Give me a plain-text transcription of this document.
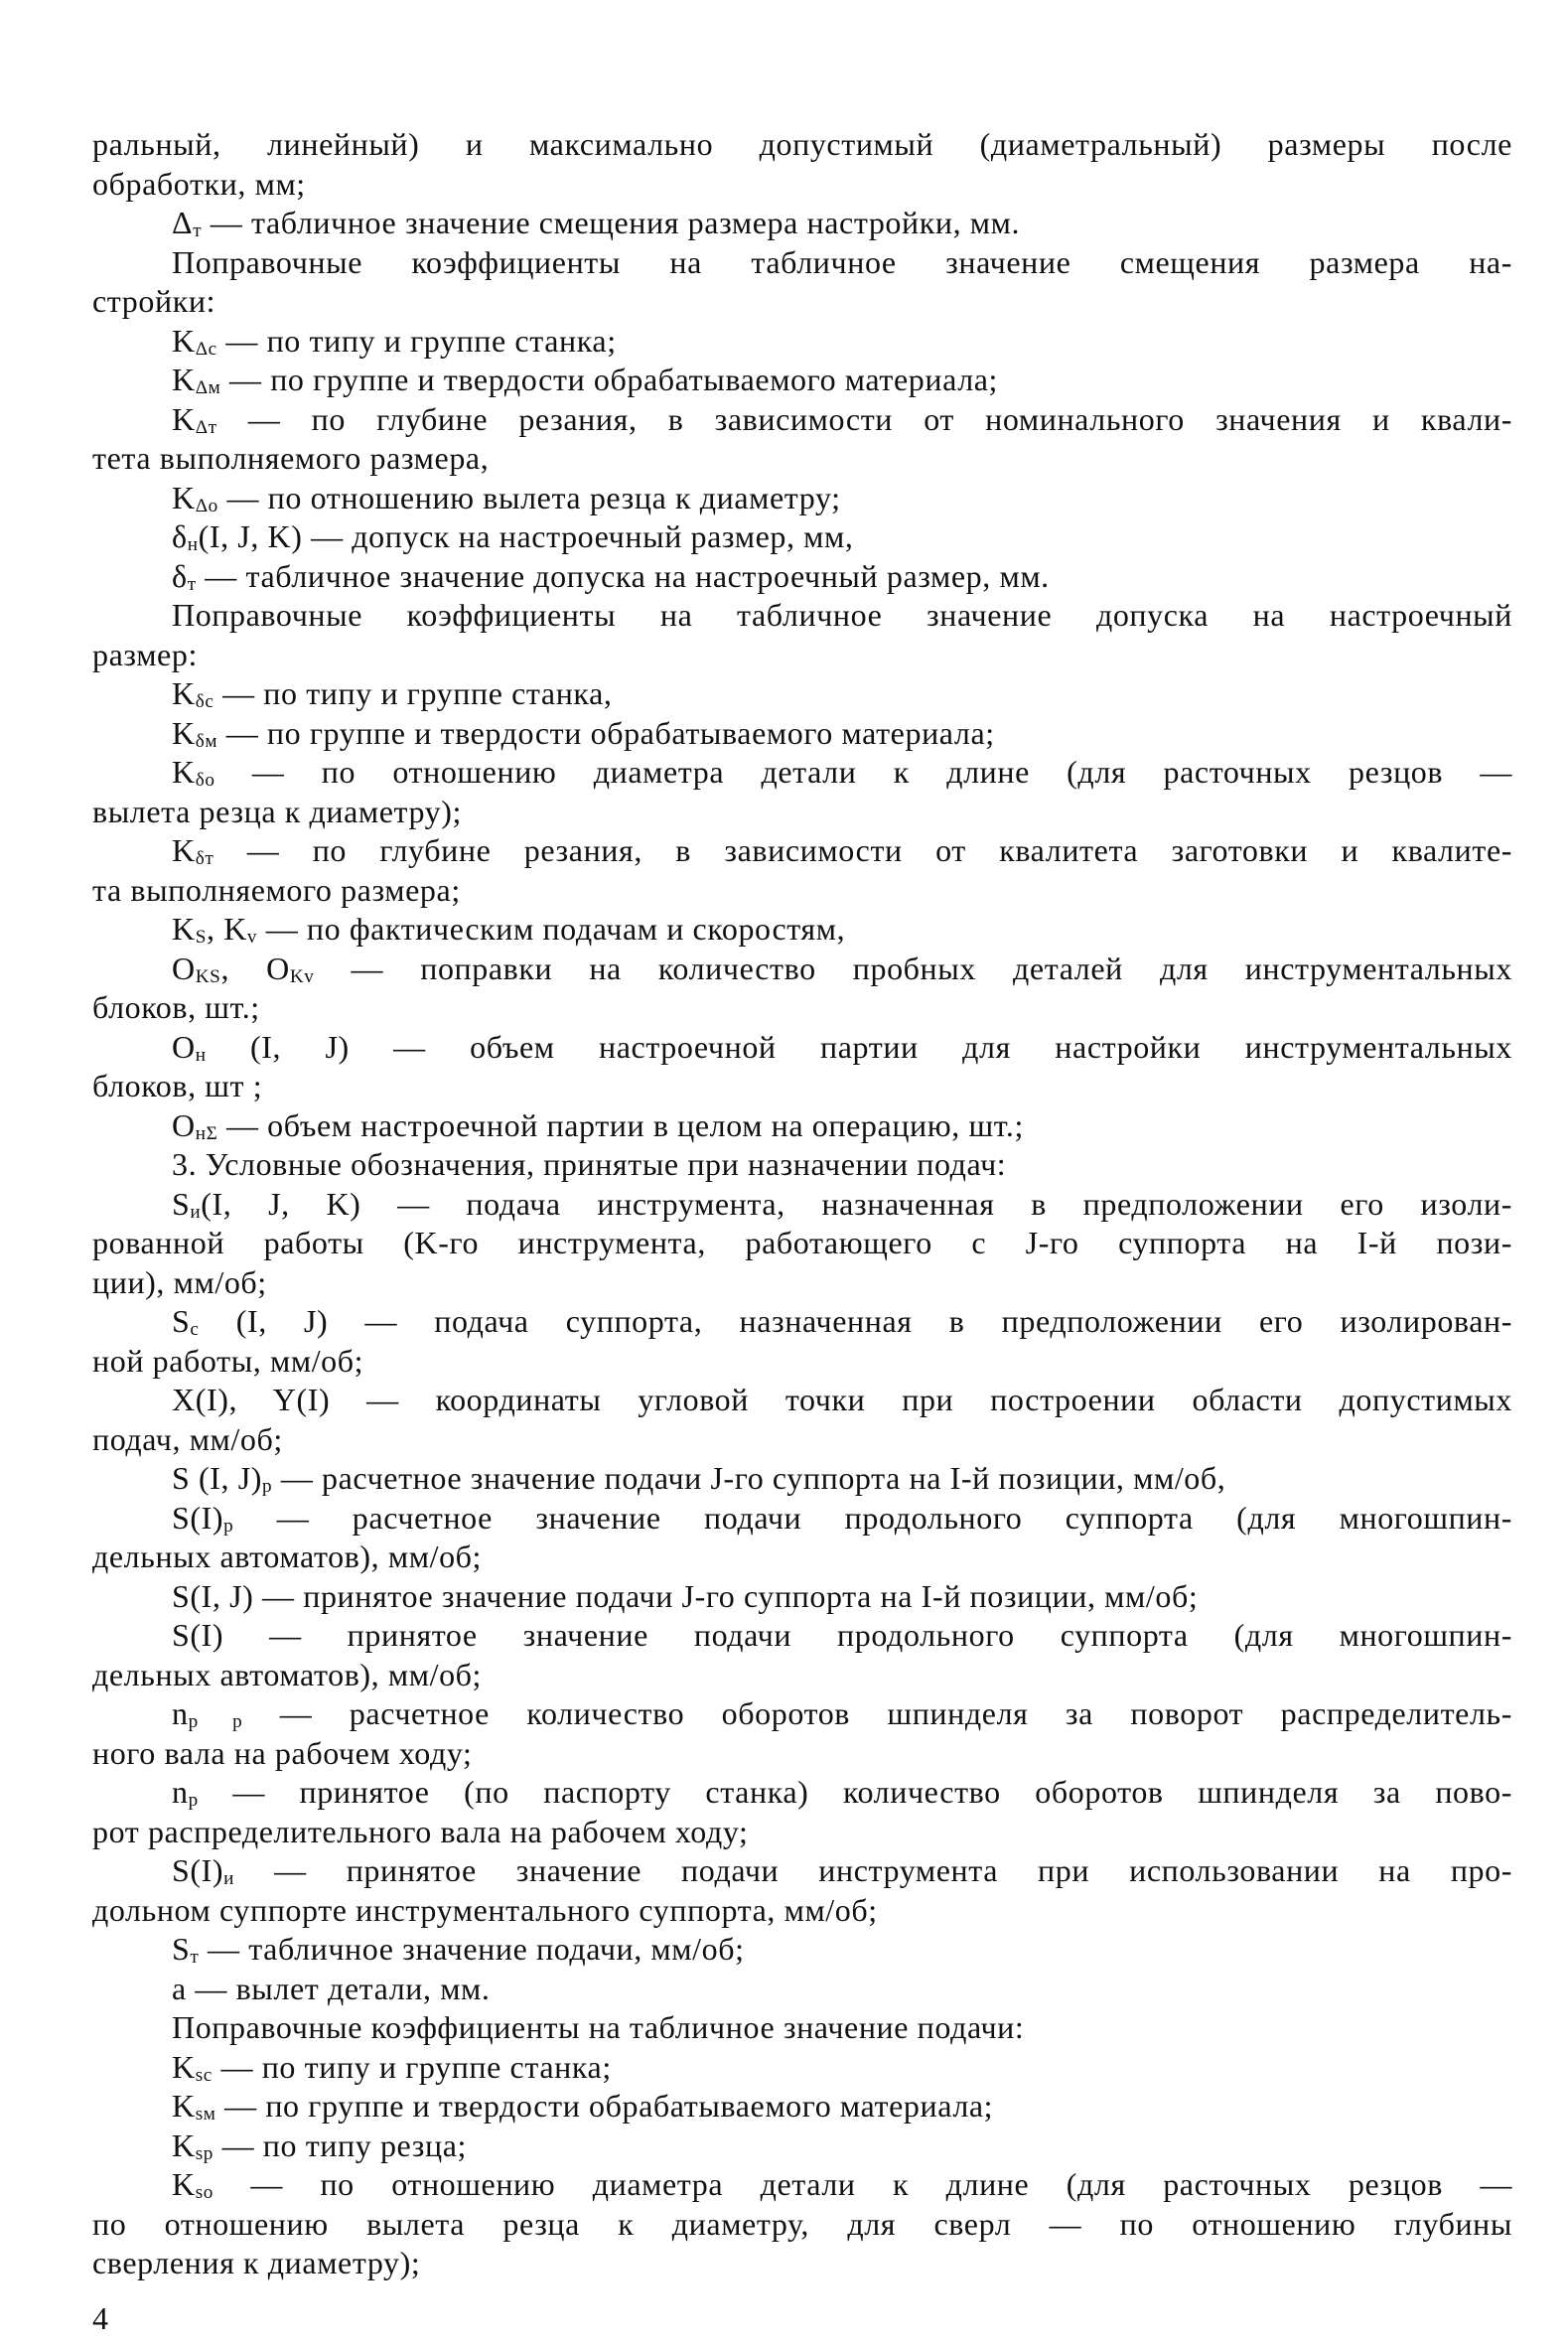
ральный, линейный) и максимально допустимый (диаметральный) размеры после
обработки, мм;
$\Delta_т$ — табличное значение смещения размера настройки, мм.
Поправочные коэффициенты на табличное значение смещения размера на-
стройки:
$K_{\Delta с}$ — по типу и группе станка;
$K_{\Delta м}$ — по группе и твердости обрабатываемого материала;
$K_{\Delta т}$ — по глубине резания, в зависимости от номинального значения и квали-
тета выполняемого размера,
$K_{\Delta о}$ — по отношению вылета резца к диаметру;
$\delta_н(I$, J, K) — допуск на настроечный размер, мм,
$\delta_т$ — табличное значение допуска на настроечный размер, мм.
Поправочные коэффициенты на табличное значение допуска на настроечный
размер:
$K_{\delta с}$ — по типу и группе станка,
$K_{\delta м}$ — по группе и твердости обрабатываемого материала;
$K_{\delta о}$ — по отношению диаметра детали к длине (для расточных резцов —
вылета резца к диаметру);
$K_{\delta т}$ — по глубине резания, в зависимости от квалитета заготовки и квалите-
та выполняемого размера;
$K_S$, $K_v$ — по фактическим подачам и скоростям,
$O_{KS}$, $O_{Kv}$ — поправки на количество пробных деталей для инструментальных
блоков, шт.;
$O_н$ (I, J) — объем настроечной партии для настройки инструментальных
блоков, шт ;
$O_{н\Sigma}$ — объем настроечной партии в целом на операцию, шт.;
3. Условные обозначения, принятые при назначении подач:
$S_и(I$, J, K) — подача инструмента, назначенная в предположении его изоли-
рованной работы (K-го инструмента, работающего с J-го суппорта на I-й пози-
ции), мм/об;
$S_с$ (I, J) — подача суппорта, назначенная в предположении его изолирован-
ной работы, мм/об;
X(I), Y(I) — координаты угловой точки при построении области допустимых
подач, мм/об;
S (I, $J)_р$ — расчетное значение подачи J-го суппорта на I-й позиции, мм/об,
$S(I)_р$ — расчетное значение подачи продольного суппорта (для многошпин-
дельных автоматов), мм/об;
S(I, J) — принятое значение подачи J-го суппорта на I-й позиции, мм/об;
S(I) — принятое значение подачи продольного суппорта (для многошпин-
дельных автоматов), мм/об;
$n_{р р}$ — расчетное количество оборотов шпинделя за поворот распределитель-
ного вала на рабочем ходу;
$n_р$ — принятое (по паспорту станка) количество оборотов шпинделя за пово-
рот распределительного вала на рабочем ходу;
$S(I)_и$ — принятое значение подачи инструмента при использовании на про-
дольном суппорте инструментального суппорта, мм/об;
$S_т$ — табличное значение подачи, мм/об;
a — вылет детали, мм.
Поправочные коэффициенты на табличное значение подачи:
$K_{sс}$ — по типу и группе станка;
$K_{sм}$ — по группе и твердости обрабатываемого материала;
$K_{sр}$ — по типу резца;
$K_{sо}$ — по отношению диаметра детали к длине (для расточных резцов —
по отношению вылета резца к диаметру, для сверл — по отношению глубины
сверления к диаметру);
4
